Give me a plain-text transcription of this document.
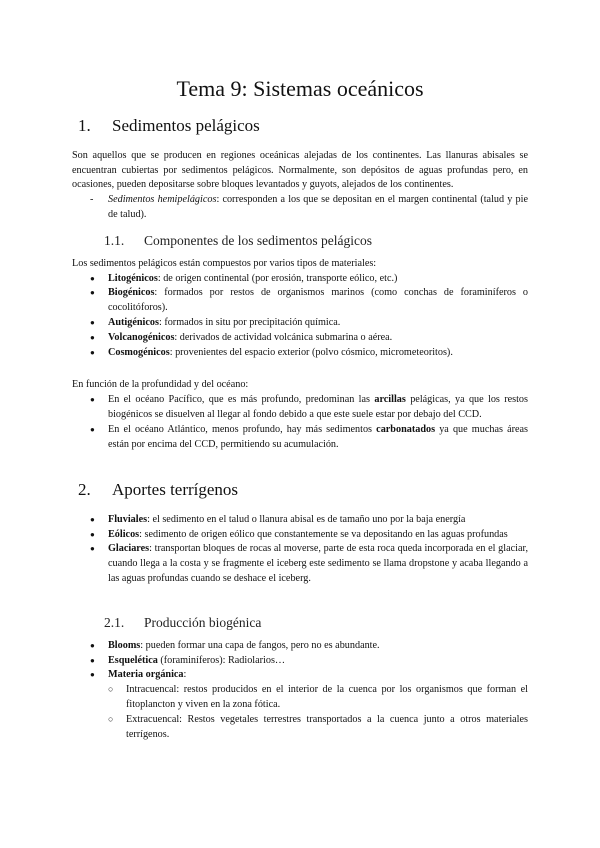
Tema 9: Sistemas oceánicos
1.	Sedimentos pelágicos

Son aquellos que se producen en regiones oceánicas alejadas de los continentes. Las llanuras abisales se encuentran cubiertas por sedimentos pelágicos. Normalmente, son depósitos de aguas profundas pero, en ocasiones, pueden depositarse sobre bloques levantados y guyots, alejados de los continentes.

-	Sedimentos hemipelágicos: corresponden a los que se depositan en el margen continental (talud y pie de talud).
1.1.	Componentes de los sedimentos pelágicos

Los sedimentos pelágicos están compuestos por varios tipos de materiales:

●	Litogénicos: de origen continental (por erosión, transporte eólico, etc.)
●	Biogénicos: formados por restos de organismos marinos (como conchas de foraminíferos o cocolitóforos).
●	Autigénicos: formados in situ por precipitación química.
●	Volcanogénicos: derivados de actividad volcánica submarina o aérea.
●	Cosmogénicos: provenientes del espacio exterior (polvo cósmico, micrometeoritos).

En función de la profundidad y del océano:

●	En el océano Pacífico, que es más profundo, predominan las arcillas pelágicas, ya que los restos biogénicos se disuelven al llegar al fondo debido a que este suele estar por debajo del CCD.
●	En el océano Atlántico, menos profundo, hay más sedimentos carbonatados ya que muchas áreas están por encima del CCD, permitiendo su acumulación.
2.	Aportes terrígenos
●	Fluviales: el sedimento en el talud o llanura abisal es de tamaño uno por la baja energía
●	Eólicos: sedimento de origen eólico que constantemente se va depositando en las aguas profundas
●	Glaciares: transportan bloques de rocas al moverse, parte de esta roca queda incorporada en el glaciar, cuando llega a la costa y se fragmente el iceberg este sedimento se llama dropstone y acaba llegando a las aguas profundas cuando se deshace el iceberg.
2.1.	Producción biogénica
●	Blooms: pueden formar una capa de fangos, pero no es abundante.
●	Esquelética (foraminíferos): Radiolarios…
●	Materia orgánica:
○	Intracuencal: restos producidos en el interior de la cuenca por los organismos que forman el fitoplancton y viven en la zona fótica.
○	Extracuencal: Restos vegetales terrestres transportados a la cuenca junto a otros materiales terrígenos.
